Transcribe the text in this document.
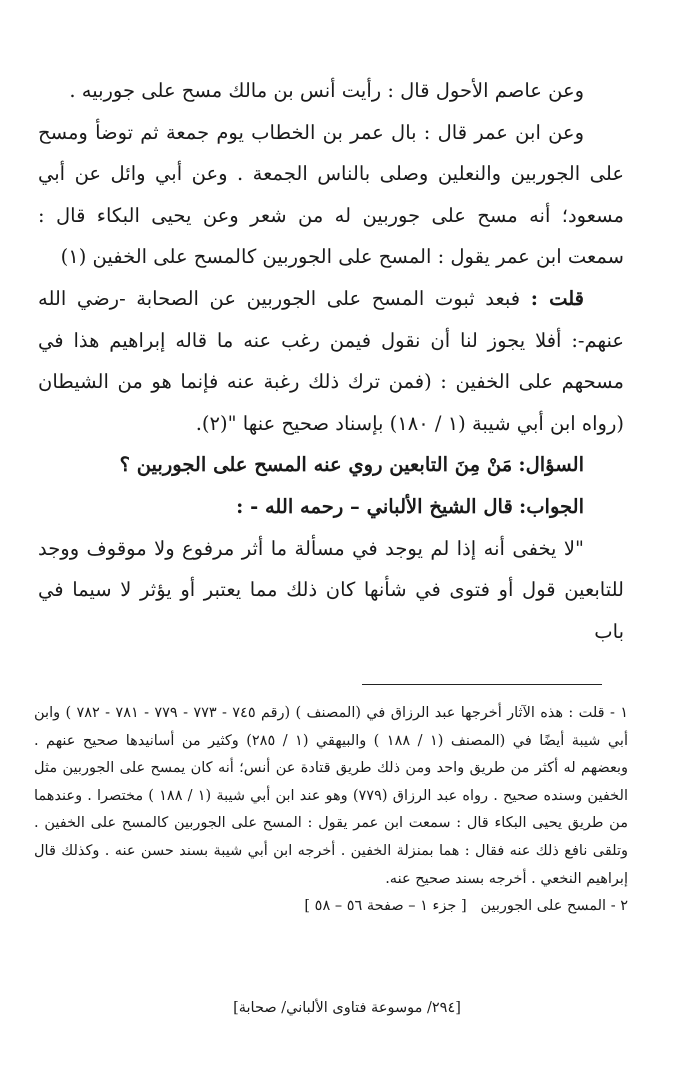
وعن عاصم الأحول قال : رأيت أنس بن مالك مسح على جوربيه .

وعن ابن عمر قال : بال عمر بن الخطاب يوم جمعة ثم توضأ ومسح على الجوربين والنعلين وصلى بالناس الجمعة . وعن أبي وائل عن أبي مسعود؛ أنه مسح على جوربين له من شعر وعن يحيى البكاء قال : سمعت ابن عمر يقول : المسح على الجوربين كالمسح على الخفين (١)

قلت : فبعد ثبوت المسح على الجوربين عن الصحابة -رضي الله عنهم-: أفلا يجوز لنا أن نقول فيمن رغب عنه ما قاله إبراهيم هذا في مسحهم على الخفين : (فمن ترك ذلك رغبة عنه فإنما هو من الشيطان (رواه ابن أبي شيبة (١ / ١٨٠) بإسناد صحيح عنها "(٢).

السؤال: مَنْ مِنَ التابعين روي عنه المسح على الجوربين ؟

الجواب: قال الشيخ الألباني – رحمه الله - :

"لا يخفى أنه إذا لم يوجد في مسألة ما أثر مرفوع ولا موقوف ووجد للتابعين قول أو فتوى في شأنها كان ذلك مما يعتبر أو يؤثر لا سيما في باب

١ - قلت : هذه الآثار أخرجها عبد الرزاق في (المصنف ) (رقم ٧٤٥ - ٧٧٣ - ٧٧٩ - ٧٨١ - ٧٨٢ ) وابن أبي شيبة أيضًا في (المصنف (١ / ١٨٨ ) والبيهقي (١ / ٢٨٥) وكثير من أسانيدها صحيح عنهم . وبعضهم له أكثر من طريق واحد ومن ذلك طريق قتادة عن أنس؛ أنه كان يمسح على الجوربين مثل الخفين وسنده صحيح . رواه عبد الرزاق (٧٧٩) وهو عند ابن أبي شيبة (١ / ١٨٨ ) مختصرا . وعندهما من طريق يحيى البكاء قال : سمعت ابن عمر يقول : المسح على الجوربين كالمسح على الخفين . وتلقى نافع ذلك عنه فقال : هما بمنزلة الخفين . أخرجه ابن أبي شيبة بسند حسن عنه . وكذلك قال إبراهيم النخعي . أخرجه بسند صحيح عنه.

٢ - المسح على الجوربين   [ جزء ١ – صفحة ٥٦ – ٥٨ ]

[٢٩٤/ موسوعة فتاوى الألباني/ صحابة]
